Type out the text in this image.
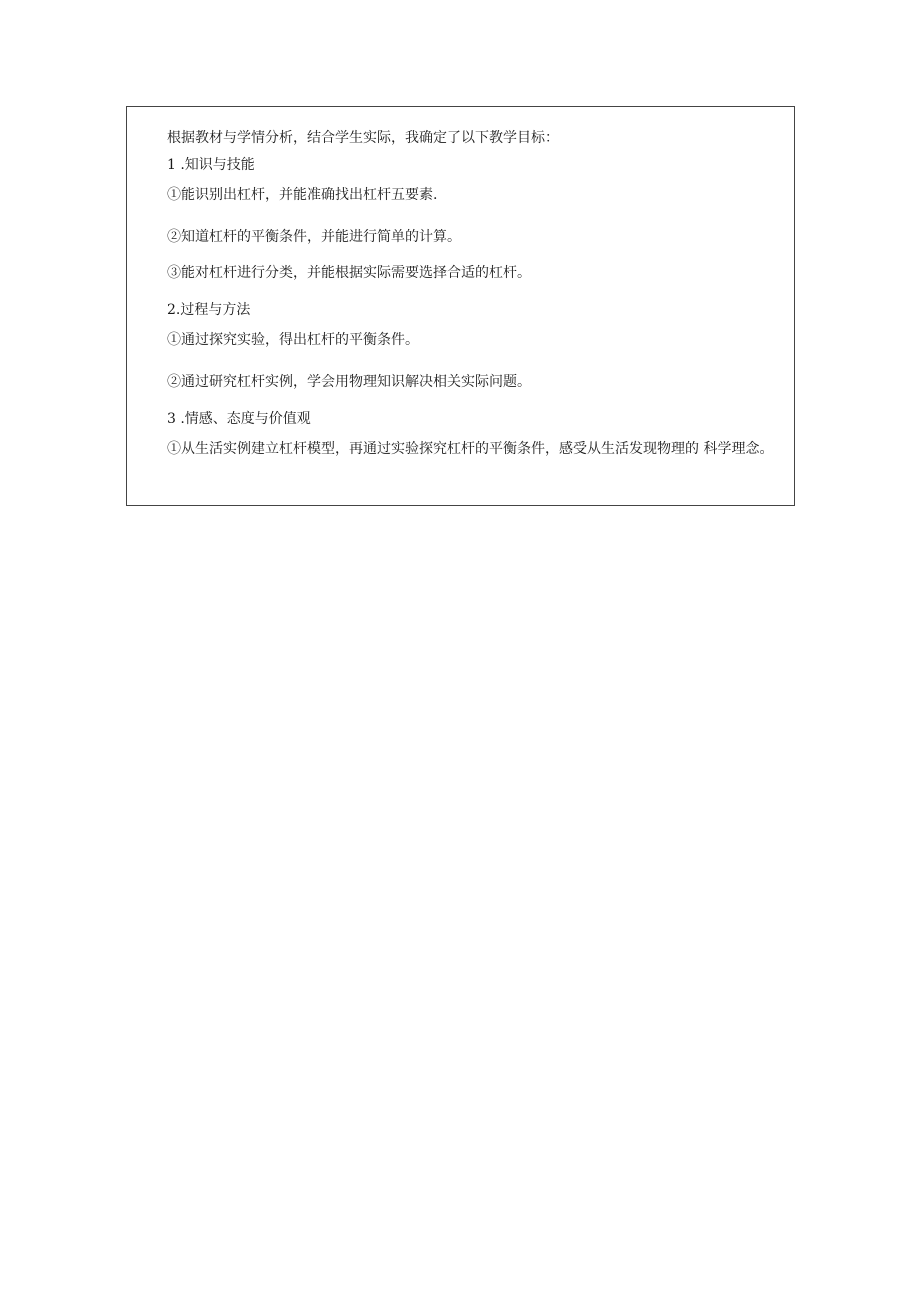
根据教材与学情分析，结合学生实际，我确定了以下教学目标：
1 .知识与技能
①能识别出杠杆，并能准确找出杠杆五要素.
②知道杠杆的平衡条件，并能进行简单的计算。
③能对杠杆进行分类，并能根据实际需要选择合适的杠杆。
2.过程与方法
①通过探究实验，得出杠杆的平衡条件。
②通过研究杠杆实例，学会用物理知识解决相关实际问题。
3 .情感、态度与价值观
①从生活实例建立杠杆模型，再通过实验探究杠杆的平衡条件，感受从生活发现物理的 科学理念。
